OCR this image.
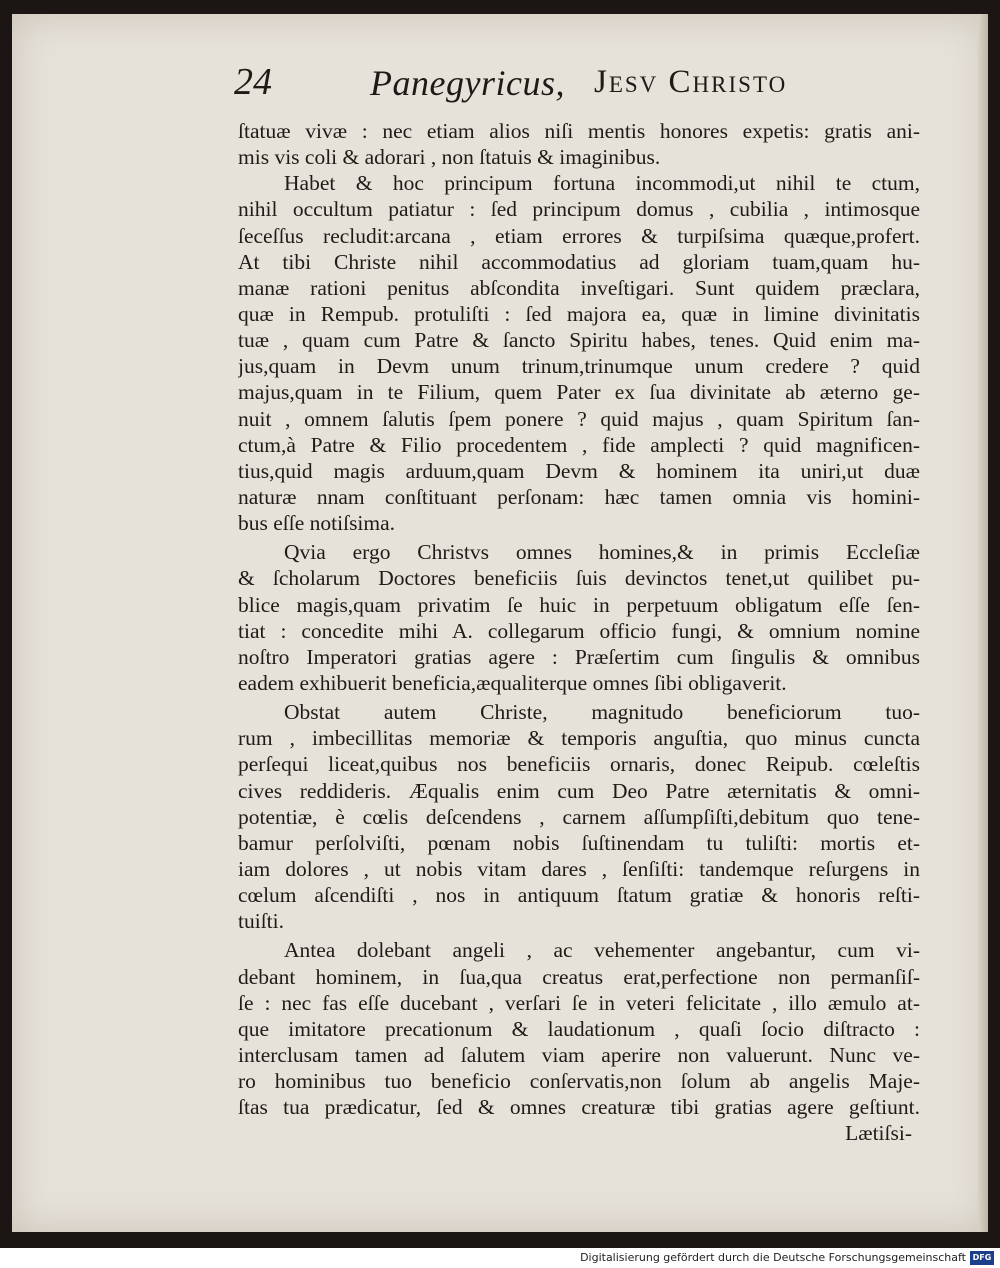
24	Panegyricus, Jesv Christo
ſtatuæ vivæ : nec etiam alios niſi mentis honores expetis: gratis ani-
mis vis coli & adorari , non ſtatuis & imaginibus.
Habet & hoc principum fortuna incommodi,ut nihil te ctum,
nihil occultum patiatur : ſed principum domus , cubilia , intimosque
ſeceſſus recludit:arcana , etiam errores & turpiſsima quæque,profert.
At tibi Christe nihil accommodatius ad gloriam tuam,quam hu-
manæ rationi penitus abſcondita inveſtigari. Sunt quidem præclara,
quæ in Rempub. protuliſti : ſed majora ea, quæ in limine divinitatis
tuæ , quam cum Patre & ſancto Spiritu habes, tenes. Quid enim ma-
jus,quam in Devm unum trinum,trinumque unum credere ? quid
majus,quam in te Filium, quem Pater ex ſua divinitate ab æterno ge-
nuit , omnem ſalutis ſpem ponere ? quid majus , quam Spiritum ſan-
ctum,à Patre & Filio procedentem , fide amplecti ? quid magnificen-
tius,quid magis arduum,quam Devm & hominem ita uniri,ut duæ
naturæ nnam conſtituant perſonam: hæc tamen omnia vis homini-
bus eſſe notiſsima.
Qvia ergo Christvs omnes homines,& in primis Eccleſiæ
& ſcholarum Doctores beneficiis ſuis devinctos tenet,ut quilibet pu-
blice magis,quam privatim ſe huic in perpetuum obligatum eſſe ſen-
tiat : concedite mihi A. collegarum officio fungi, & omnium nomine
noſtro Imperatori gratias agere : Præſertim cum ſingulis & omnibus
eadem exhibuerit beneficia,æqualiterque omnes ſibi obligaverit.
Obstat autem Christe, magnitudo beneficiorum tuo-
rum , imbecillitas memoriæ & temporis anguſtia, quo minus cuncta
perſequi liceat,quibus nos beneficiis ornaris, donec Reipub. cœleſtis
cives reddideris. Æqualis enim cum Deo Patre æternitatis & omni-
potentiæ, è cœlis deſcendens , carnem aſſumpſiſti,debitum quo tene-
bamur perſolviſti, pœnam nobis ſuſtinendam tu tuliſti: mortis et-
iam dolores , ut nobis vitam dares , ſenſiſti: tandemque reſurgens in
cœlum aſcendiſti , nos in antiquum ſtatum gratiæ & honoris reſti-
tuiſti.
Antea dolebant angeli , ac vehementer angebantur, cum vi-
debant hominem, in ſua,qua creatus erat,perfectione non permanſiſ-
ſe : nec fas eſſe ducebant , verſari ſe in veteri felicitate , illo æmulo at-
que imitatore precationum & laudationum , quaſi ſocio diſtracto :
interclusam tamen ad ſalutem viam aperire non valuerunt. Nunc ve-
ro hominibus tuo beneficio conſervatis,non ſolum ab angelis Maje-
ſtas tua prædicatur, ſed & omnes creaturæ tibi gratias agere geſtiunt.
Lætiſsi-
Digitalisierung gefördert durch die Deutsche Forschungsgemeinschaft DFG
